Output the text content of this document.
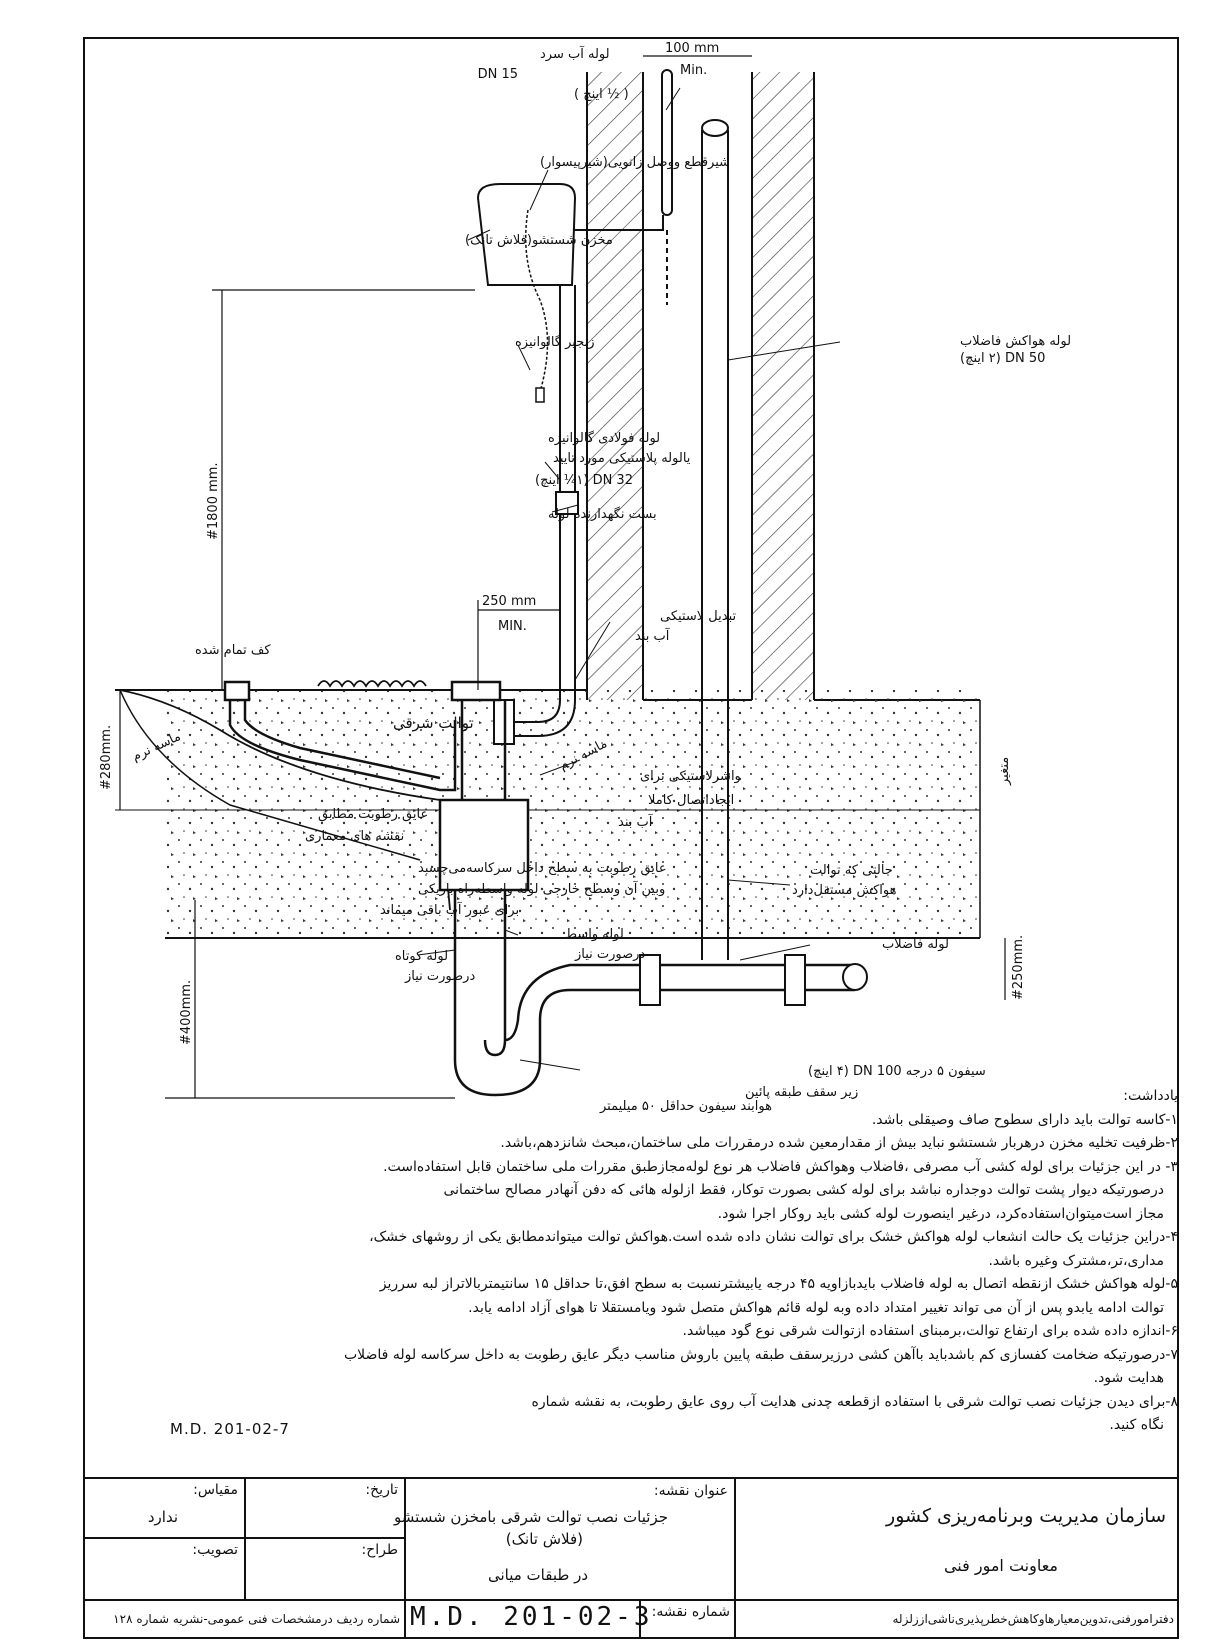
لوله آب سرد
DN 15
( ½ اینچ )
100 mm
Min.
شیرقطع ووصل زانویی(شیرپیسوار)
مخزن شستشو(فلاش تانک)
زنجیر گالوانیزه	لوله هواکش فاضلاب
DN 50 (۲ اینچ)
لوله فولادی گالوانیزه
یالوله پلاستیکی مورد تایید
DN 32 (۱¼ اینچ)
بست نگهدارنده لوله
#1800 mm.
250 mm
MIN.
تبدیل لاستیکی
آب بند
کف تمام شده
توالت شرقی
ماسه نرم	ماسه نرم
#280mm.	واشرلاستیکی برای
ایجاداتصال کاملا
آب بند
عایق رطوبت مطابق
نقشه های معماری
عایق رطوبت به سطح داخل سرکاسه‌می‌چسبد
وبین آن وسطح خارجی لوله واسطه‌راه باریکی
برای عبور آب باقی میماند
متغیر
حالتی که توالت
هواکش مستقل‌دارد
لوله فاضلاب	#250mm.
لوله واسط
درصورت نیاز
لوله کوتاه
درصورت نیاز
#400mm.
سیفون ۵ درجه DN 100 (۴ اینچ)
زیر سقف طبقه پائین
هوابند سیفون حداقل ۵۰ میلیمتر
یادداشت:

۱-کاسه توالت باید دارای سطوح صاف وصیقلی باشد.

۲-ظرفیت تخلیه مخزن درهربار شستشو نباید بیش از مقدارمعین شده درمقررات ملی ساختمان،مبحث شانزدهم،باشد.

۳- در این جزئیات برای لوله کشی آب مصرفی ،فاضلاب وهواکش فاضلاب هر نوع لوله‌مجازطبق مقررات ملی ساختمان قابل استفاده‌است.

درصورتیکه دیوار پشت توالت دوجداره نباشد برای لوله کشی بصورت توکار، فقط ازلوله هائی که دفن آنهادر مصالح ساختمانی

مجاز است‌میتوان‌استفاده‌کرد، درغیر اینصورت لوله کشی باید روکار اجرا شود.

۴-دراین جزئیات یک حالت انشعاب لوله هواکش خشک برای توالت نشان داده شده است.هواکش توالت میتواندمطابق یکی از روشهای خشک،

مداری،تر،مشترک وغیره باشد.

۵-لوله هواکش خشک ازنقطه اتصال به لوله فاضلاب بایدبازاویه ۴۵ درجه یابیشترنسبت به سطح افق،تا حداقل ۱۵ سانتیمتربالاتراز لبه سرریز

توالت ادامه یابدو پس از آن می تواند تغییر امتداد داده وبه لوله قائم هواکش متصل شود ویامستقلا تا هوای آزاد ادامه یابد.

۶-اندازه داده شده برای ارتفاع توالت،برمبنای استفاده ازتوالت شرقی نوع گود میباشد.

۷-درصورتیکه ضخامت کفسازی کم باشدباید باآهن کشی درزیرسقف طبقه پایین باروش مناسب دیگر عایق رطوبت به داخل سرکاسه لوله فاضلاب

هدایت شود.

۸-برای دیدن جزئیات نصب توالت شرقی با استفاده ازقطعه چدنی هدایت آب روی عایق رطوبت، به نقشه شماره

نگاه کنید.

M.D. 201-02-7
سازمان مدیریت وبرنامه‌ریزی کشور
معاونت امور فنی
دفترامورفنی،تدوین‌معیارهاوکاهش‌خطرپذیری‌ناشی‌اززلزله
عنوان نقشه:
جزئیات نصب توالت شرقی بامخزن شستشو
(فلاش تانک)
در طبقات میانی
شماره نقشه:
M.D. 201-02-3
تاریخ:
طراح:
مقیاس:
ندارد
تصویب:
شماره ردیف درمشخصات فنی عمومی-نشریه شماره ۱۲۸
